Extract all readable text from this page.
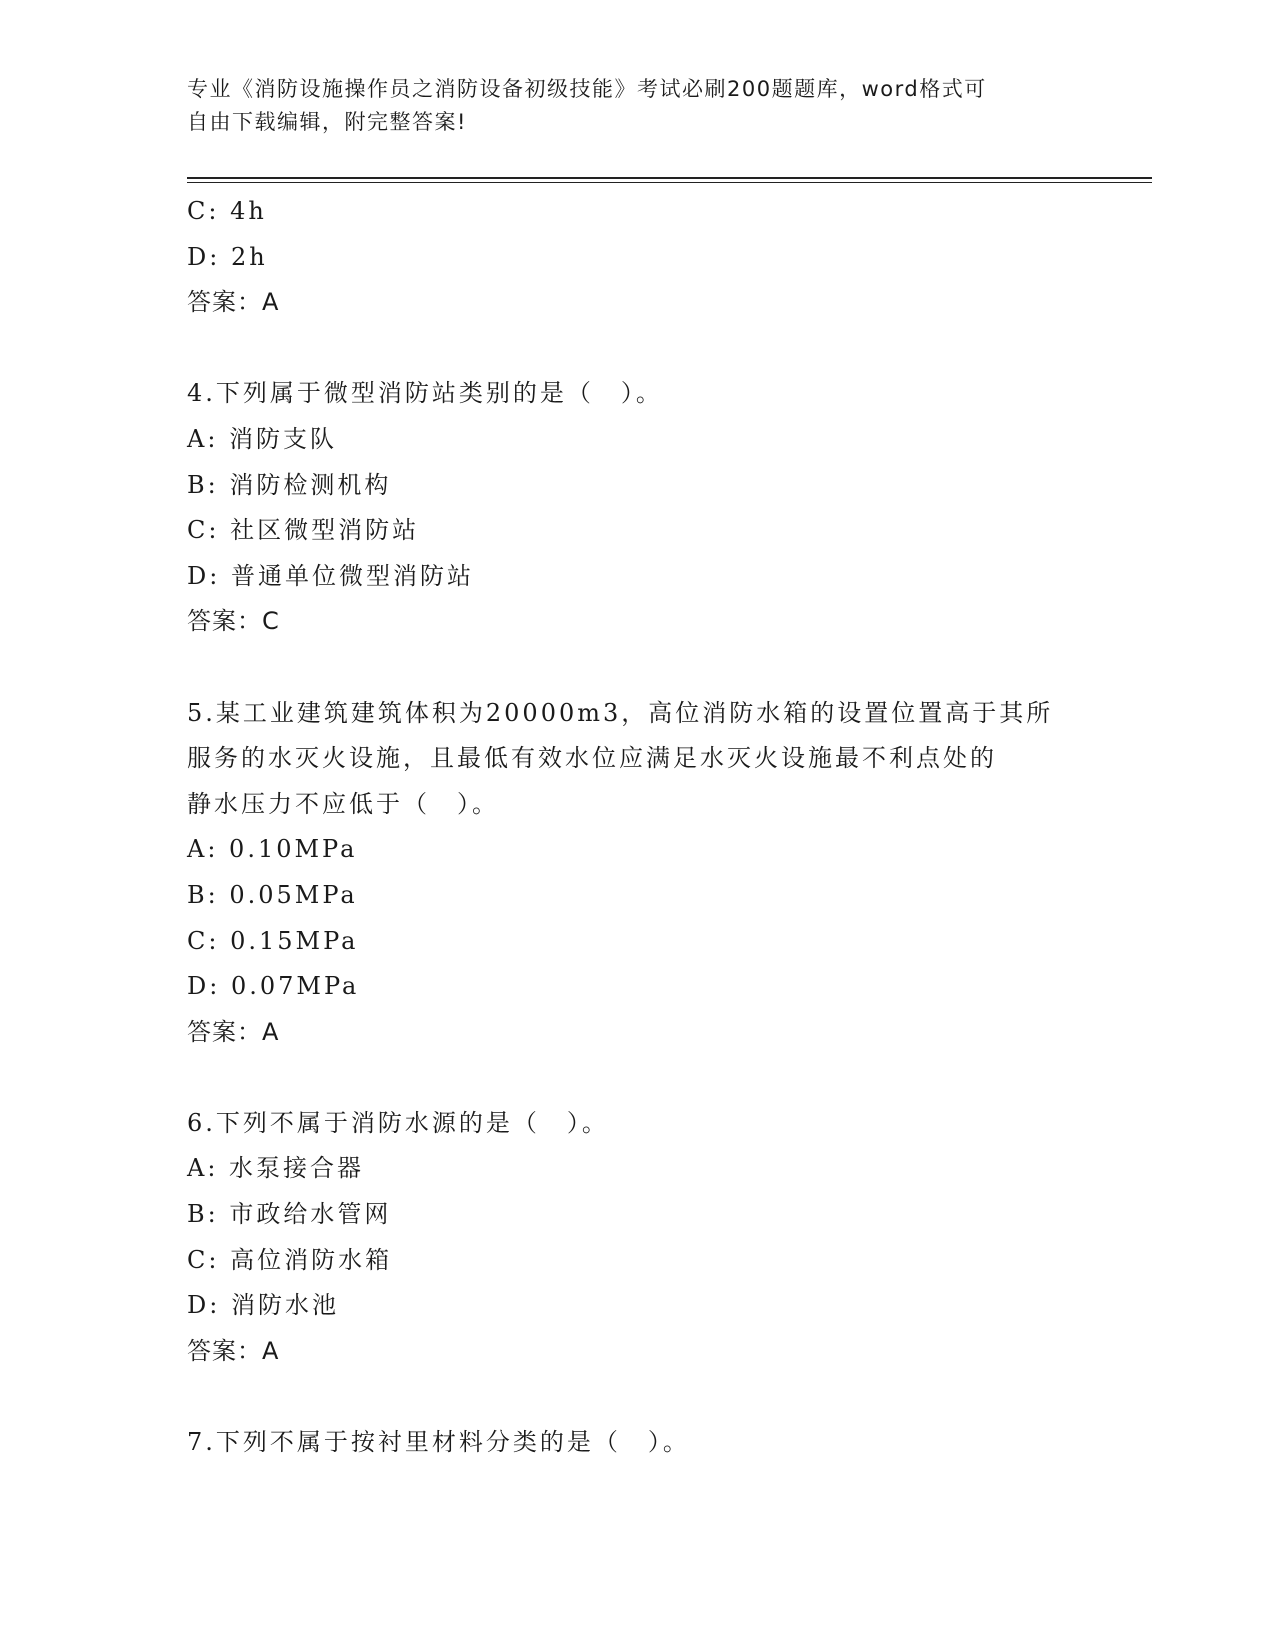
专业《消防设施操作员之消防设备初级技能》考试必刷200题题库，word格式可
自由下载编辑，附完整答案!
C: 4h
D: 2h
答案：A
4.下列属于微型消防站类别的是（　）。
A: 消防支队
B: 消防检测机构
C: 社区微型消防站
D: 普通单位微型消防站
答案：C
5.某工业建筑建筑体积为20000m3，高位消防水箱的设置位置高于其所
服务的水灭火设施，且最低有效水位应满足水灭火设施最不利点处的
静水压力不应低于（　）。
A: 0.10MPa
B: 0.05MPa
C: 0.15MPa
D: 0.07MPa
答案：A
6.下列不属于消防水源的是（　）。
A: 水泵接合器
B: 市政给水管网
C: 高位消防水箱
D: 消防水池
答案：A
7.下列不属于按衬里材料分类的是（　）。
